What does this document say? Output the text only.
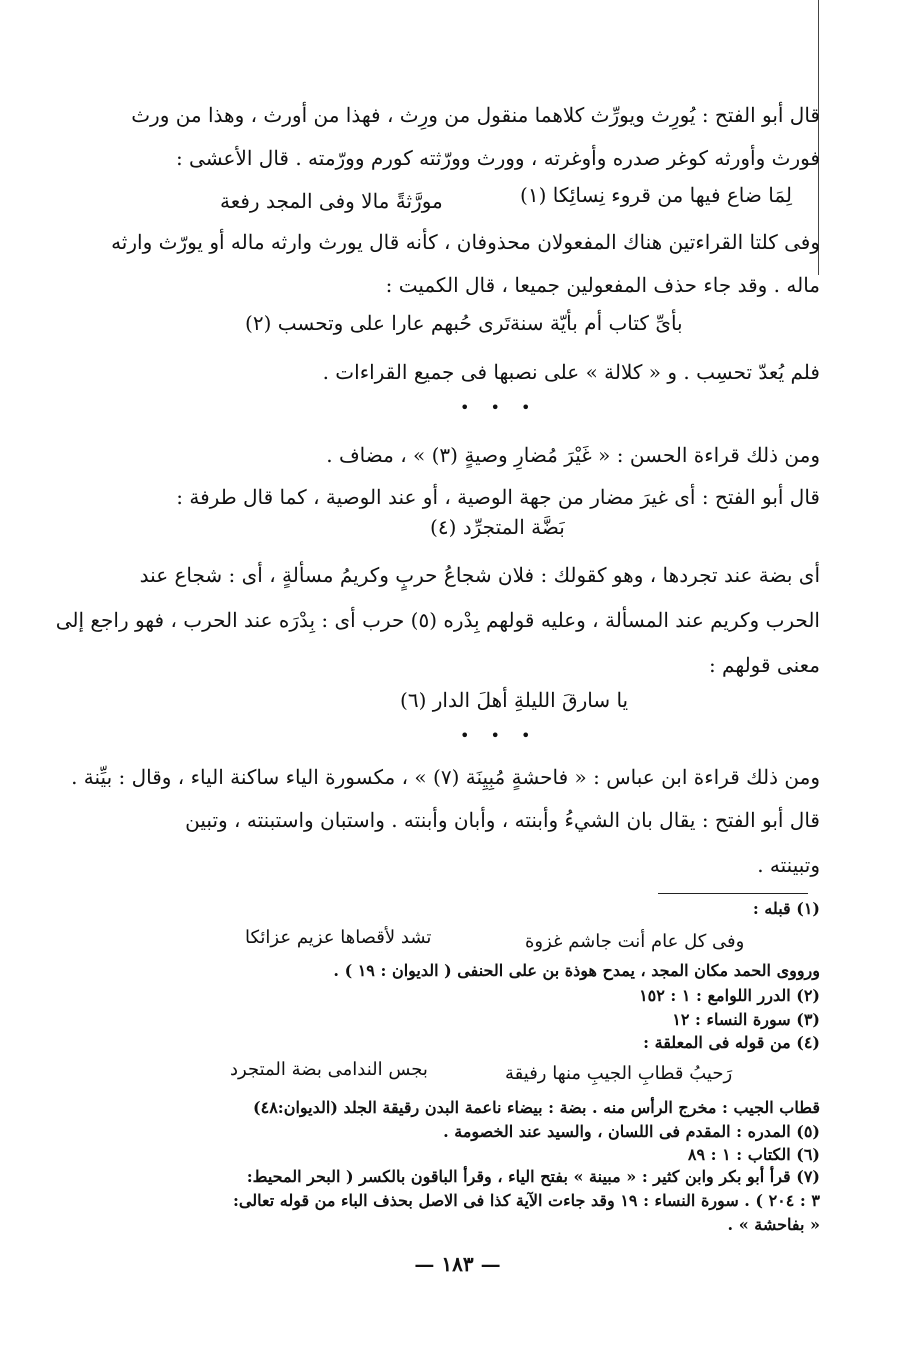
قال أبو الفتح : يُورِث ويورِّث كلاهما منقول من ورِث ، فهذا من أورث ، وهذا من ورث
فورث وأورثه كوغر صدره وأوغرته ، وورث وورّثته كورم وورّمته . قال الأعشى :
لِمَا ضاع فيها من قروء نِسائِكا (١)
مورَّثةً مالا وفى المجد رفعة
وفى كلتا القراءتين هناك المفعولان محذوفان ، كأنه قال يورث وارثه ماله أو يورّث وارثه
ماله . وقد جاء حذف المفعولين جميعا ، قال الكميت :
بأىِّ كتاب أم بأيّة سنة
تَرى حُبهم عارا على وتحسب (٢)
فلم يُعدّ تحسِب . و « كلالة » على نصبها فى جميع القراءات .
• • •
ومن ذلك قراءة الحسن : « غَيْرَ مُضارِ وصيةٍ (٣) » ، مضاف .
قال أبو الفتح : أى غيرَ مضار من جهة الوصية ، أو عند الوصية ، كما قال طرفة :
بَضَّة المتجرِّد (٤)
أى بضة عند تجردها ، وهو كقولك : فلان شجاعُ حربٍ وكريمُ مسألةٍ ، أى : شجاع عند
الحرب وكريم عند المسألة ، وعليه قولهم بِدْره (٥) حرب أى : بِدْرَه عند الحرب ، فهو راجع إلى
معنى قولهم :
يا سارقَ الليلةِ أهلَ الدار (٦)
• • •
ومن ذلك قراءة ابن عباس : « فاحشةٍ مُبِيِنَة (٧) » ، مكسورة الياء ساكنة الياء ، وقال : بيِّنة .
قال أبو الفتح : يقال بان الشيءُ وأبنته ، وأبان وأبنته . واستبان واستبنته ، وتبين
وتبينته .
(١) قبله :
وفى كل عام أنت جاشم غزوة
تشد لأقصاها عزيم عزائكا
ورووى الحمد مكان المجد ، يمدح هوذة بن على الحنفى ( الديوان : ١٩ ) .
(٢) الدرر اللوامع : ١ : ١٥٢
(٣) سورة النساء : ١٢
(٤) من قوله فى المعلقة :
رَحيبُ قطابِ الجيبِ منها رفيقة
بجس الندامى بضة المتجرد
قطاب الجيب : مخرج الرأس منه . بضة : بيضاء ناعمة البدن رقيقة الجلد (الديوان:٤٨)
(٥) المدره : المقدم فى اللسان ، والسيد عند الخصومة .
(٦) الكتاب : ١ : ٨٩
(٧) قرأ أبو بكر وابن كثير : « مبينة » بفتح الياء ، وقرأ الباقون بالكسر ( البحر المحيط:
٣ : ٢٠٤ ) . سورة النساء : ١٩ وقد جاءت الآية كذا فى الاصل بحذف الباء من قوله تعالى:
« بفاحشة » .
— ١٨٣ —
